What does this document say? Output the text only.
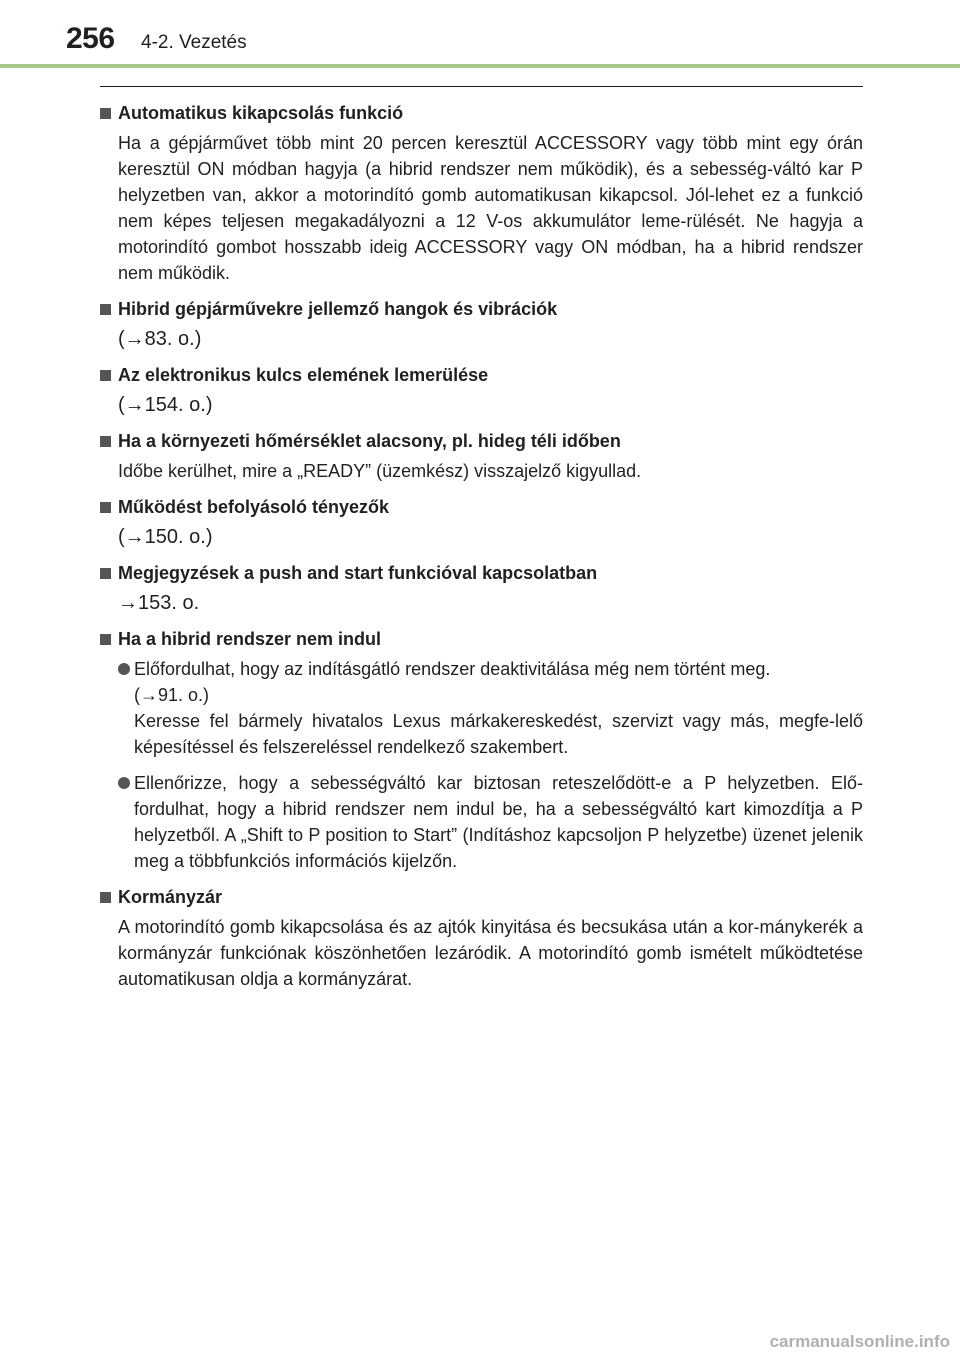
256 4-2. Vezetés
Automatikus kikapcsolás funkció
Ha a gépjárművet több mint 20 percen keresztül ACCESSORY vagy több mint egy órán keresztül ON módban hagyja (a hibrid rendszer nem működik), és a sebesség-váltó kar P helyzetben van, akkor a motorindító gomb automatikusan kikapcsol. Jól-lehet ez a funkció nem képes teljesen megakadályozni a 12 V-os akkumulátor leme-rülését. Ne hagyja a motorindító gombot hosszabb ideig ACCESSORY vagy ON módban, ha a hibrid rendszer nem működik.
Hibrid gépjárművekre jellemző hangok és vibrációk
(→83. o.)
Az elektronikus kulcs elemének lemerülése
(→154. o.)
Ha a környezeti hőmérséklet alacsony, pl. hideg téli időben
Időbe kerülhet, mire a „READY” (üzemkész) visszajelző kigyullad.
Működést befolyásoló tényezők
(→150. o.)
Megjegyzések a push and start funkcióval kapcsolatban
→153. o.
Ha a hibrid rendszer nem indul
Előfordulhat, hogy az indításgátló rendszer deaktivitálása még nem történt meg.
(→91. o.)
Keresse fel bármely hivatalos Lexus márkakereskedést, szervizt vagy más, megfe-lelő képesítéssel és felszereléssel rendelkező szakembert.
Ellenőrizze, hogy a sebességváltó kar biztosan reteszelődött-e a P helyzetben. Elő-fordulhat, hogy a hibrid rendszer nem indul be, ha a sebességváltó kart kimozdítja a P helyzetből. A „Shift to P position to Start” (Indításhoz kapcsoljon P helyzetbe) üzenet jelenik meg a többfunkciós információs kijelzőn.
Kormányzár
A motorindító gomb kikapcsolása és az ajtók kinyitása és becsukása után a kor-mánykerék a kormányzár funkciónak köszönhetően lezáródik. A motorindító gomb ismételt működtetése automatikusan oldja a kormányzárat.
carmanualsonline.info
